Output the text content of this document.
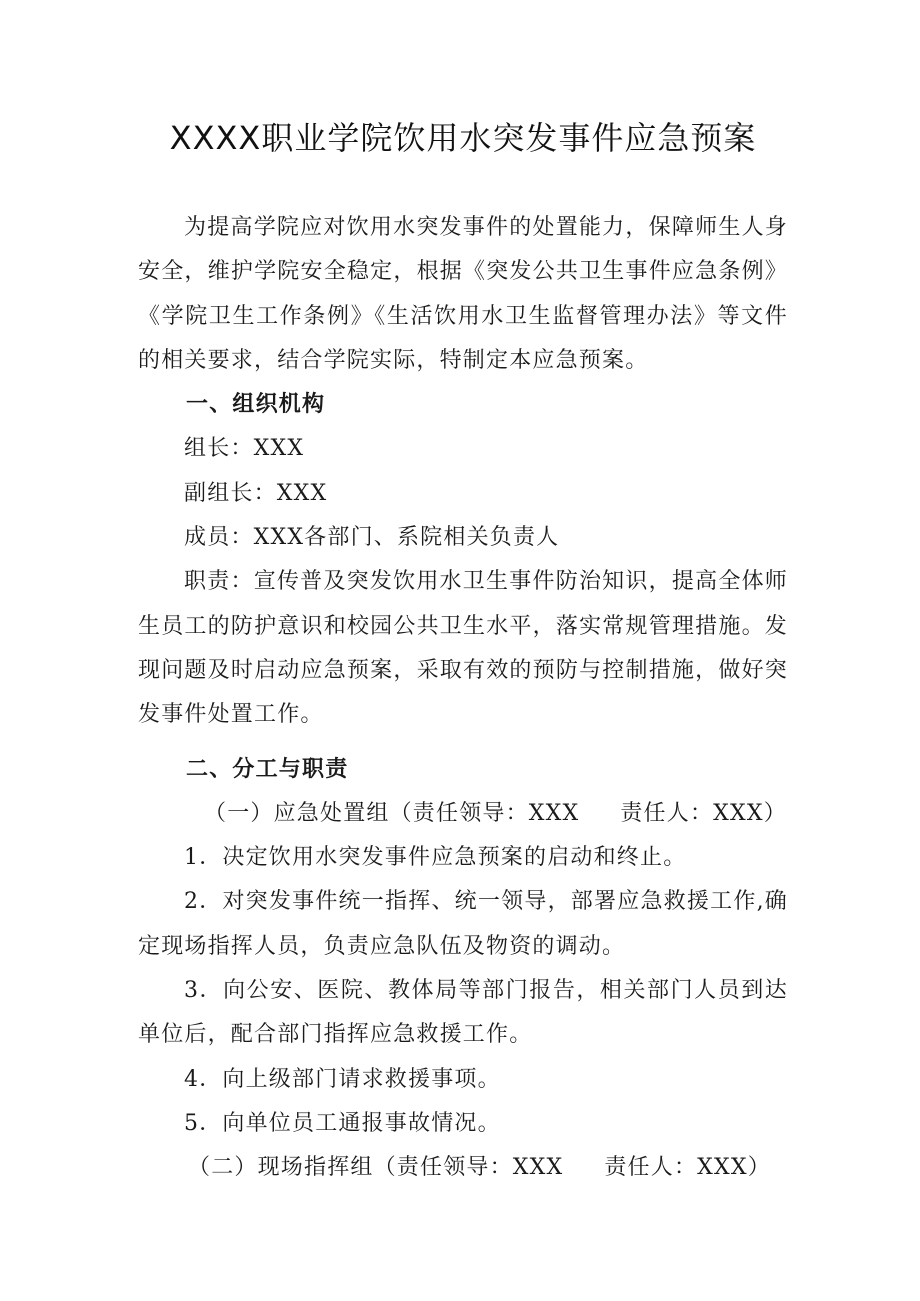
XXXX职业学院饮用水突发事件应急预案

为提高学院应对饮用水突发事件的处置能力，保障师生人身安全，维护学院安全稳定，根据《突发公共卫生事件应急条例》《学院卫生工作条例》《生活饮用水卫生监督管理办法》等文件的相关要求，结合学院实际，特制定本应急预案。

一、组织机构

组长：XXX

副组长：XXX

成员：XXX各部门、系院相关负责人

职责：宣传普及突发饮用水卫生事件防治知识，提高全体师生员工的防护意识和校园公共卫生水平，落实常规管理措施。发现问题及时启动应急预案，采取有效的预防与控制措施，做好突发事件处置工作。

二、分工与职责

（一）应急处置组（责任领导：XXX     责任人：XXX）

1．决定饮用水突发事件应急预案的启动和终止。

2．对突发事件统一指挥、统一领导，部署应急救援工作,确定现场指挥人员，负责应急队伍及物资的调动。

3．向公安、医院、教体局等部门报告，相关部门人员到达单位后，配合部门指挥应急救援工作。

4．向上级部门请求救援事项。

5．向单位员工通报事故情况。

（二）现场指挥组（责任领导：XXX     责任人：XXX）
